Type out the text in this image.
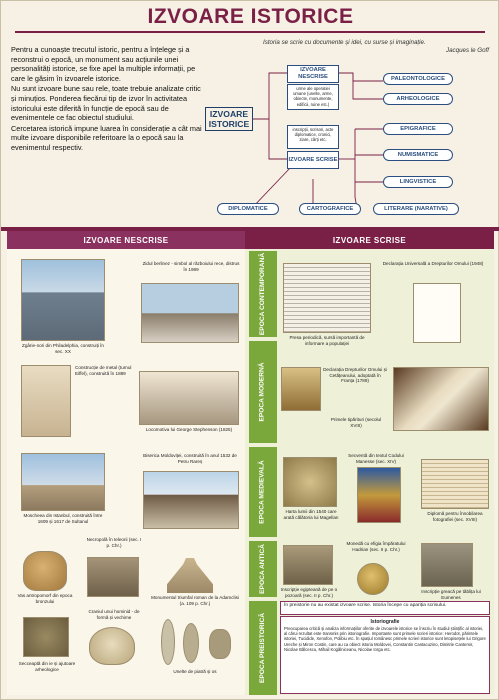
IZVOARE ISTORICE

Pentru a cunoaște trecutul istoric, pentru a înțelege și a reconstrui o epocă, un monument sau acțiunile unei personalități istorice, se fixe apel la multiple informații, pe care le găsim în izvoarele istorice.

Nu sunt izvoare bune sau rele, toate trebuie analizate critic și minuțios. Ponderea fiecărui tip de izvor în activitatea istoricului este diferită în funcție de epocă sau de evenimentele ce fac obiectul studiului.

Cercetarea istorică impune luarea în considerație a cât mai multe izvoare disponibile referitoare la o epocă sau la evenimentul respectiv.

Istoria se scrie cu documente și idei, cu surse și imaginație.
Jacques le Goff
IZVOARE ISTORICE
IZVOARE NESCRISE
urme ale operatiei umane (unelte, arme, obiecte, monumente, edificii, ruine etc.)
inscripții, scrisori, acte diplomatice, cronici, ziare, cărți etc.
IZVOARE SCRISE
PALEONTOLOGICE
ARHEOLOGICE
EPIGRAFICE
NUMISMATICE
LINGVISTICE
DIPLOMATICE	CARTOGRAFICE	LITERARE (NARATIVE)
IZVOARE NESCRISE	IZVOARE SCRISE
EPOCA CONTEMPORANĂ
EPOCA MODERNĂ
EPOCA MEDIEVALĂ
EPOCA ANTICĂ
EPOCA PREISTORICĂ
Zgârie-nori din Philadelphia, construiți în sec. XX
Zidul berlinez - simbol al războiului rece, distrus în 1989
Construcție de metal (turnul Eiffel), construită în 1889
Locomotiva lui George Stephenson (1825)
Moscheea din Istanbul, construită între 1609 și 1617 de Sultanul
Biserica Moldoviței, construită în anul 1532 de Petru Rareș
Vas antropomorf din epoca bronzului
Necropolă în teleorii (sec. I p. Chr.)
Monumentul triumfal roman de la Adamclisi (a. 109 p. Chr.)
Secceaptă din ie și ajutoare arheologice
Craniul unui hominid - de formă și vechime
Unelte de piatră și os
Presa periodică, sursă importantă de informare a populației
Declarația Universală a Drepturilor Omului (1948)
Declarația Drepturilor Omului și Cetățeanului, adoptată în Franța (1789)
Primele tipărituri (secolul XVIII)
Secventă din textul Codului Manesse (sec. XIV)
Harta lumii din 1540 care arată călătoria lui Magellan
Diplomă pentru înnobilarea fotografiei (sec. XVIII)
Inscripție egipteană de pe o pozoară (sec. II p. Chr.)
Monedă cu efigia împăratului Hadrian (sec. II p. Chr.)
Inscripție greacă pe tăblița lui Eumenes
În preistorie nu au existat izvoare scrise. Istoria începe cu apariția scrisului.
Istoriografie
Preocuparea critică și analiza informațiilor oferite de izvoarele istorice se înscriu în studiul științific al istoriei, al cărui rezultat este transmis prin istoriografie. Importante sunt primele scrieri istorice: Herodot, părintele istoriei, Tucidide, Xenofon, Polibiu etc. În spațiul românesc primele scrieri istorice sunt letopisețele lui Grigore Ureche și Miron Costin, care au ca obiect istoria Moldovei, Constantin Cantacuzino, Dimitrie Cantemir, Nicolae Bălcescu, Mihail Kogălniceanu, Nicolae Iorga etc.
